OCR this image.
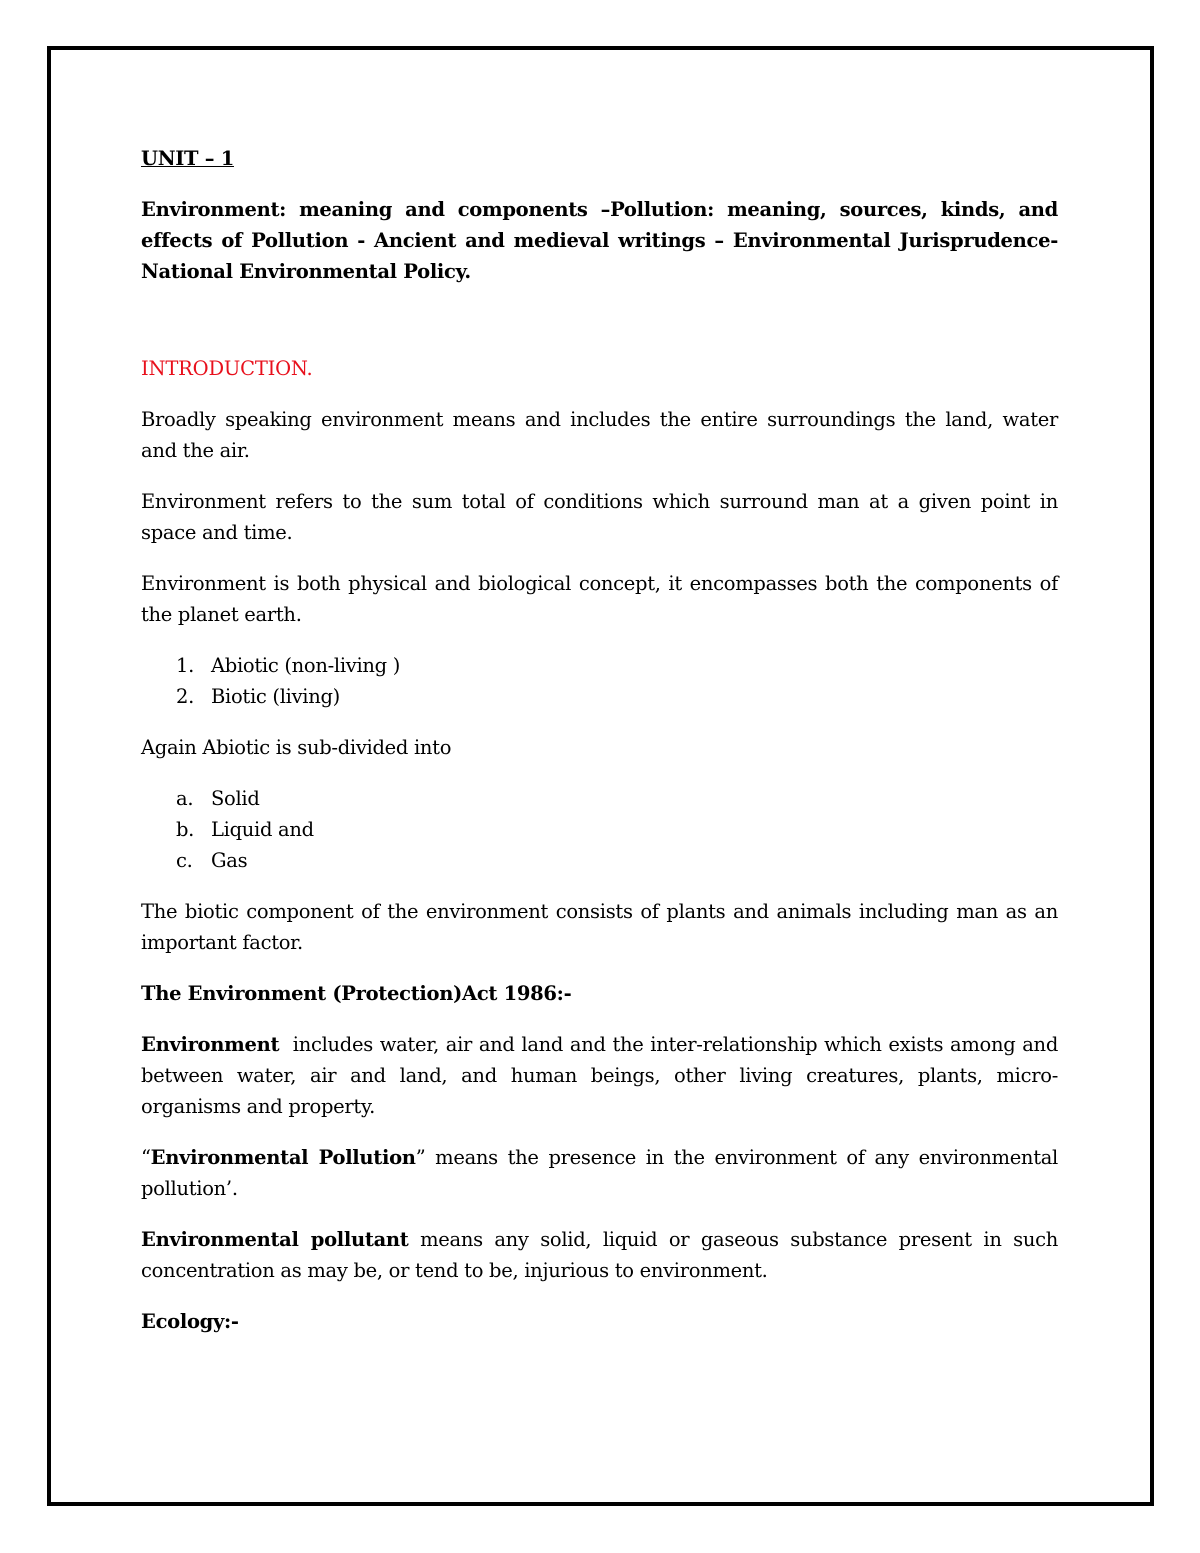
UNIT – 1

Environment: meaning and components –Pollution: meaning, sources, kinds, and effects of Pollution - Ancient and medieval writings – Environmental Jurisprudence-National Environmental Policy.

INTRODUCTION.

Broadly speaking environment means and includes the entire surroundings the land, water and the air.

Environment refers to the sum total of conditions which surround man at a given point in space and time.

Environment is both physical and biological concept, it encompasses both the components of the planet earth.

1. Abiotic (non-living )
2. Biotic (living)

Again Abiotic is sub-divided into

a. Solid
b. Liquid and
c. Gas

The biotic component of the environment consists of plants and animals including man as an important factor.

The Environment (Protection)Act 1986:-

Environment  includes water, air and land and the inter-relationship which exists among and between water, air and land, and human beings, other living creatures, plants, micro-organisms and property.

“Environmental Pollution” means the presence in the environment of any environmental pollution’.

Environmental pollutant means any solid, liquid or gaseous substance present in such concentration as may be, or tend to be, injurious to environment.

Ecology:-
